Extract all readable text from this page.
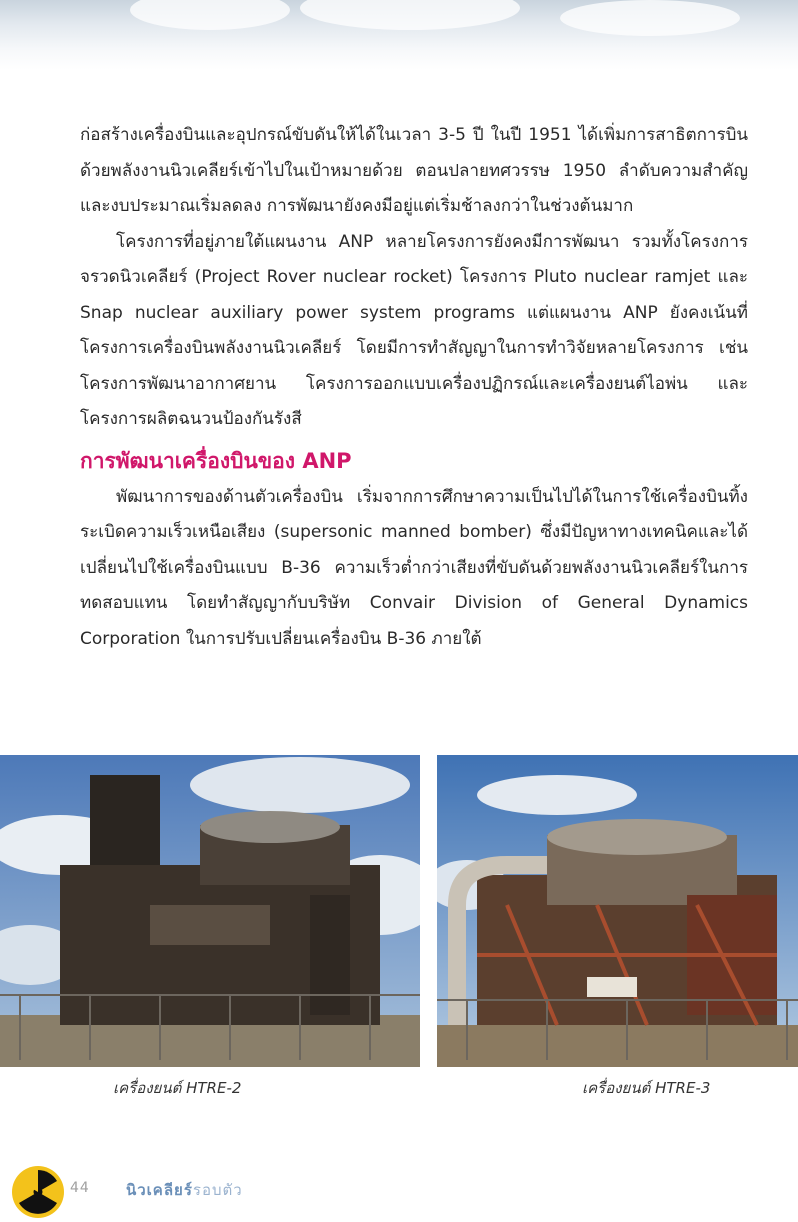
ก่อสร้างเครื่องบินและอุปกรณ์ขับดันให้ได้ในเวลา 3-5 ปี ในปี 1951 ได้เพิ่มการสาธิตการบินด้วยพลังงานนิวเคลียร์เข้าไปในเป้าหมายด้วย ตอนปลายทศวรรษ 1950 ลำดับความสำคัญและงบประมาณเริ่มลดลง การพัฒนายังคงมีอยู่แต่เริ่มช้าลงกว่าในช่วงต้นมาก

โครงการที่อยู่ภายใต้แผนงาน ANP หลายโครงการยังคงมีการพัฒนา รวมทั้งโครงการจรวดนิวเคลียร์ (Project Rover nuclear rocket) โครงการ Pluto nuclear ramjet และ Snap nuclear auxiliary power system programs แต่แผนงาน ANP ยังคงเน้นที่โครงการเครื่องบินพลังงานนิวเคลียร์ โดยมีการทำสัญญาในการทำวิจัยหลายโครงการ เช่น โครงการพัฒนาอากาศยาน โครงการออกแบบเครื่องปฏิกรณ์และเครื่องยนต์ไอพ่น และโครงการผลิตฉนวนป้องกันรังสี

การพัฒนาเครื่องบินของ ANP

พัฒนาการของด้านตัวเครื่องบิน เริ่มจากการศึกษาความเป็นไปได้ในการใช้เครื่องบินทิ้งระเบิดความเร็วเหนือเสียง (supersonic manned bomber) ซึ่งมีปัญหาทางเทคนิคและได้เปลี่ยนไปใช้เครื่องบินแบบ B-36 ความเร็วต่ำกว่าเสียงที่ขับดันด้วยพลังงานนิวเคลียร์ในการทดสอบแทน โดยทำสัญญากับบริษัท Convair Division of General Dynamics Corporation ในการปรับเปลี่ยนเครื่องบิน B-36 ภายใต้

เครื่องยนต์ HTRE-2	เครื่องยนต์ HTRE-3
44 นิวเคลียร์รอบตัว
